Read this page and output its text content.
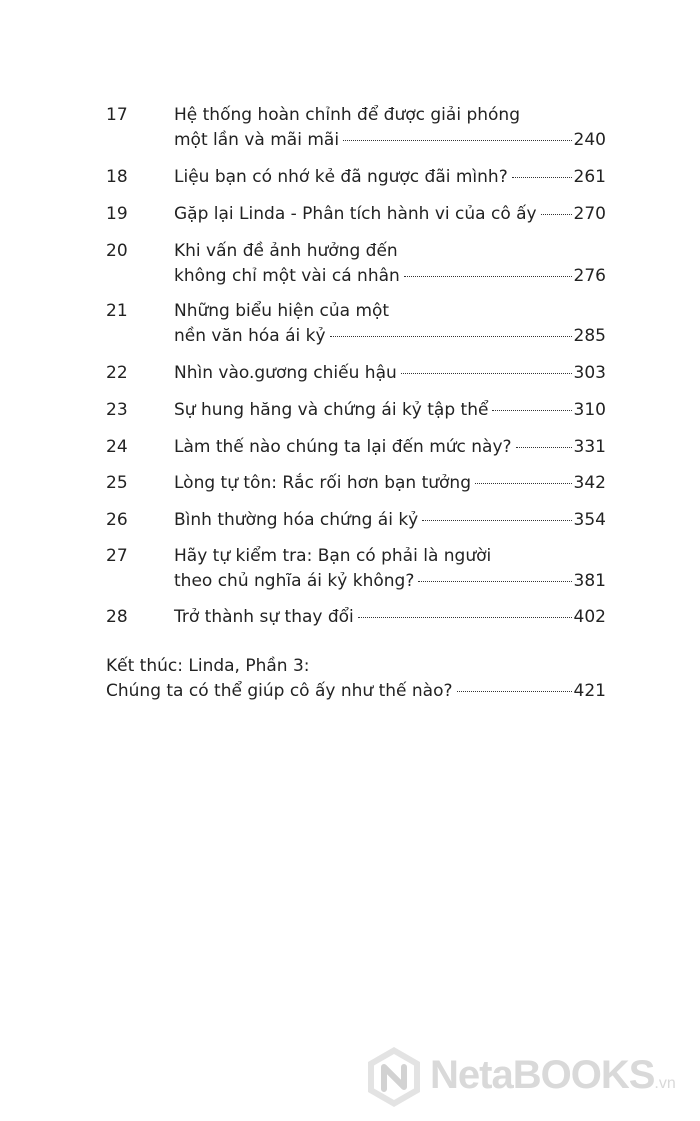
17	Hệ thống hoàn chỉnh để được giải phóng
một lần và mãi mãi	240
18	Liệu bạn có nhớ kẻ đã ngược đãi mình?	261
19	Gặp lại Linda - Phân tích hành vi của cô ấy 270
20	Khi vấn đề ảnh hưởng đến
không chỉ một vài cá nhân	276
21	Những biểu hiện của một
nền văn hóa ái kỷ	285
22	Nhìn vào.gương chiếu hậu	303
23	Sự hung hăng và chứng ái kỷ tập thể	310
24	Làm thế nào chúng ta lại đến mức này?	331
25	Lòng tự tôn: Rắc rối hơn bạn tưởng	342
26	Bình thường hóa chứng ái kỷ	354
27	Hãy tự kiểm tra: Bạn có phải là người
theo chủ nghĩa ái kỷ không?	381
28	Trở thành sự thay đổi	402
Kết thúc: Linda, Phần 3:
Chúng ta có thể giúp cô ấy như thế nào?	421
NetaBOOKS.vn
